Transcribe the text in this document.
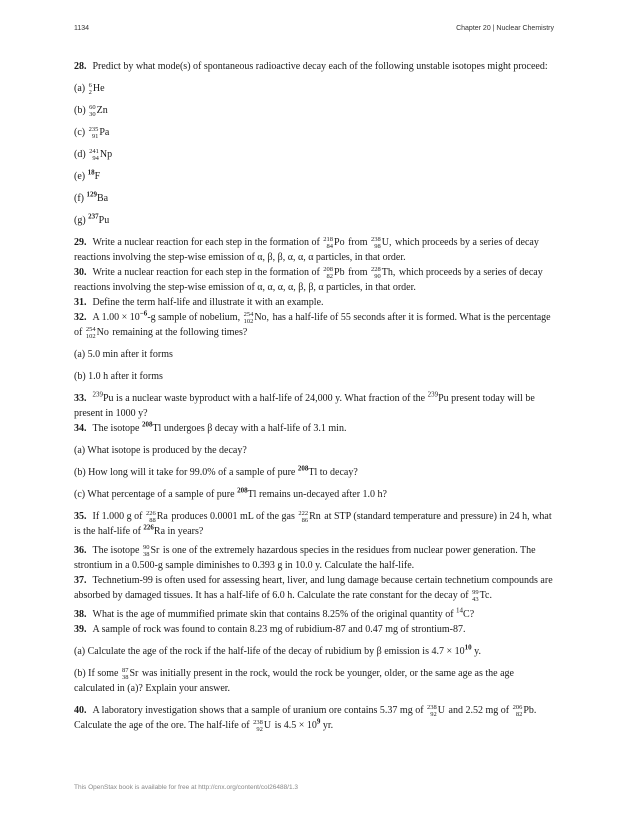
1134	Chapter 20 | Nuclear Chemistry

28. Predict by what mode(s) of spontaneous radioactive decay each of the following unstable isotopes might proceed:

(a) 6
2 He

(b) 60
30 Zn

(c) 235
91 Pa

(d) 241
94 Np

(e) $^{18}$F

(f) $^{129}$Ba

(g) $^{237}$Pu

29. Write a nuclear reaction for each step in the formation of 218
84 Po from 238
98 U, which proceeds by a series of decay reactions involving the step-wise emission of α, β, β, α, α, α particles, in that order.

30. Write a nuclear reaction for each step in the formation of 208
82 Pb from 228
90 Th, which proceeds by a series of decay reactions involving the step-wise emission of α, α, α, α, β, β, α particles, in that order.

31. Define the term half-life and illustrate it with an example.

32. A $1.00 \times 10^{-6}-g$ sample of nobelium, 254
102 No, has a half-life of 55 seconds after it is formed. What is the percentage of 254
102 No remaining at the following times?

(a) 5.0 min after it forms

(b) 1.0 h after it forms

33. $^{239}$Pu is a nuclear waste byproduct with a half-life of 24,000 y. What fraction of the $^{239}$Pu present today will be present in 1000 y?

34. The isotope $^{208}$Tl undergoes β decay with a half-life of 3.1 min.

(a) What isotope is produced by the decay?

(b) How long will it take for 99.0% of a sample of pure $^{208}$Tl to decay?

(c) What percentage of a sample of pure $^{208}$Tl remains un-decayed after 1.0 h?

35. If 1.000 g of 226
88 Ra produces 0.0001 mL of the gas 222
86 Rn at STP (standard temperature and pressure) in 24 h, what is the half-life of $^{226}$Ra in years?

36. The isotope 90
38 Sr is one of the extremely hazardous species in the residues from nuclear power generation. The strontium in a 0.500-g sample diminishes to 0.393 g in 10.0 y. Calculate the half-life.

37. Technetium-99 is often used for assessing heart, liver, and lung damage because certain technetium compounds are absorbed by damaged tissues. It has a half-life of 6.0 h. Calculate the rate constant for the decay of 99
43 Tc.

38. What is the age of mummified primate skin that contains 8.25% of the original quantity of $^{14}$C?

39. A sample of rock was found to contain 8.23 mg of rubidium-87 and 0.47 mg of strontium-87.

(a) Calculate the age of the rock if the half-life of the decay of rubidium by β emission is $4.7 \times 10^{10}$ y.

(b) If some 87
38 Sr was initially present in the rock, would the rock be younger, older, or the same age as the age calculated in (a)? Explain your answer.

40. A laboratory investigation shows that a sample of uranium ore contains 5.37 mg of 238
92 U and 2.52 mg of 206
82 Pb.
Calculate the age of the ore. The half-life of 238
92 U is $4.5 \times 10^9$ yr.

This OpenStax book is available for free at http://cnx.org/content/col26488/1.3
